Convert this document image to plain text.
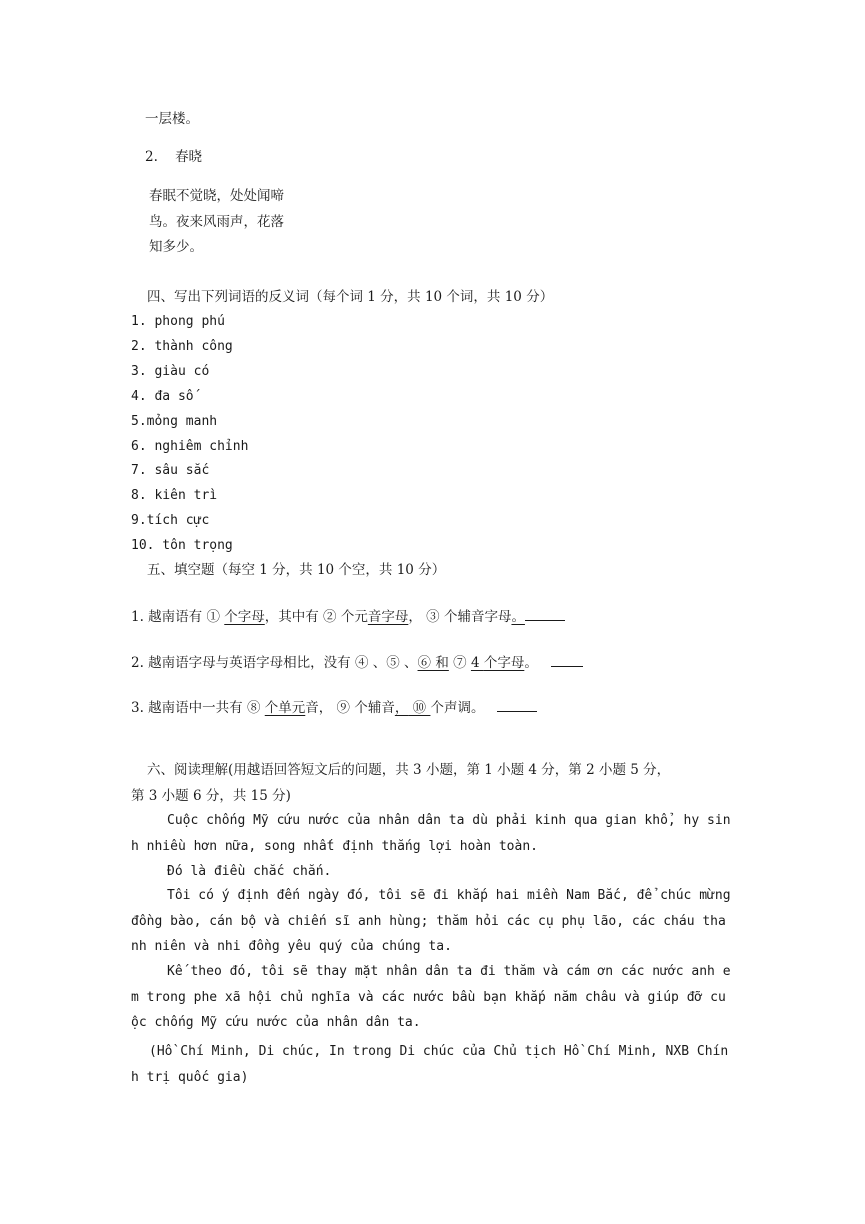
一层楼。
2. 春晓
春眠不觉晓，处处闻啼
鸟。夜来风雨声，花落
知多少。
四、写出下列词语的反义词（每个词 1 分，共 10 个词，共 10 分）
1. phong phú
2. thành công
3. giàu có
4. đa số
5.mỏng manh
6. nghiêm chỉnh
7. sâu sắc
8. kiên trì
9.tích cực
10. tôn trọng
五、填空题（每空 1 分，共 10 个空，共 10 分）
1. 越南语有 ① 个字母，其中有 ② 个元音字母， ③ 个辅音字母。
2. 越南语字母与英语字母相比，没有 ④ 、⑤ 、⑥ 和 ⑦ 4 个字母。
3. 越南语中一共有 ⑧ 个单元音， ⑨ 个辅音， ⑩ 个声调。
六、阅读理解(用越语回答短文后的问题，共 3 小题，第 1 小题 4 分，第 2 小题 5 分，
第 3 小题 6 分，共 15 分)
Cuộc chống Mỹ cứu nước của nhân dân ta dù phải kinh qua gian khổ, hy sinh nhiều hơn nữa, song nhất định thắng lợi hoàn toàn.
Đó là điều chắc chắn.
Tôi có ý định đến ngày đó, tôi sẽ đi khắp hai miền Nam Bắc, để chúc mừng đồng bào, cán bộ và chiến sĩ anh hùng; thăm hỏi các cụ phụ lão, các cháu thanh niên và nhi đồng yêu quý của chúng ta.
Kế theo đó, tôi sẽ thay mặt nhân dân ta đi thăm và cám ơn các nước anh em trong phe xã hội chủ nghĩa và các nước bầu bạn khắp năm châu và giúp đỡ cuộc chống Mỹ cứu nước của nhân dân ta.
(Hồ Chí Minh, Di chúc, In trong Di chúc của Chủ tịch Hồ Chí Minh, NXB Chính trị quốc gia)
